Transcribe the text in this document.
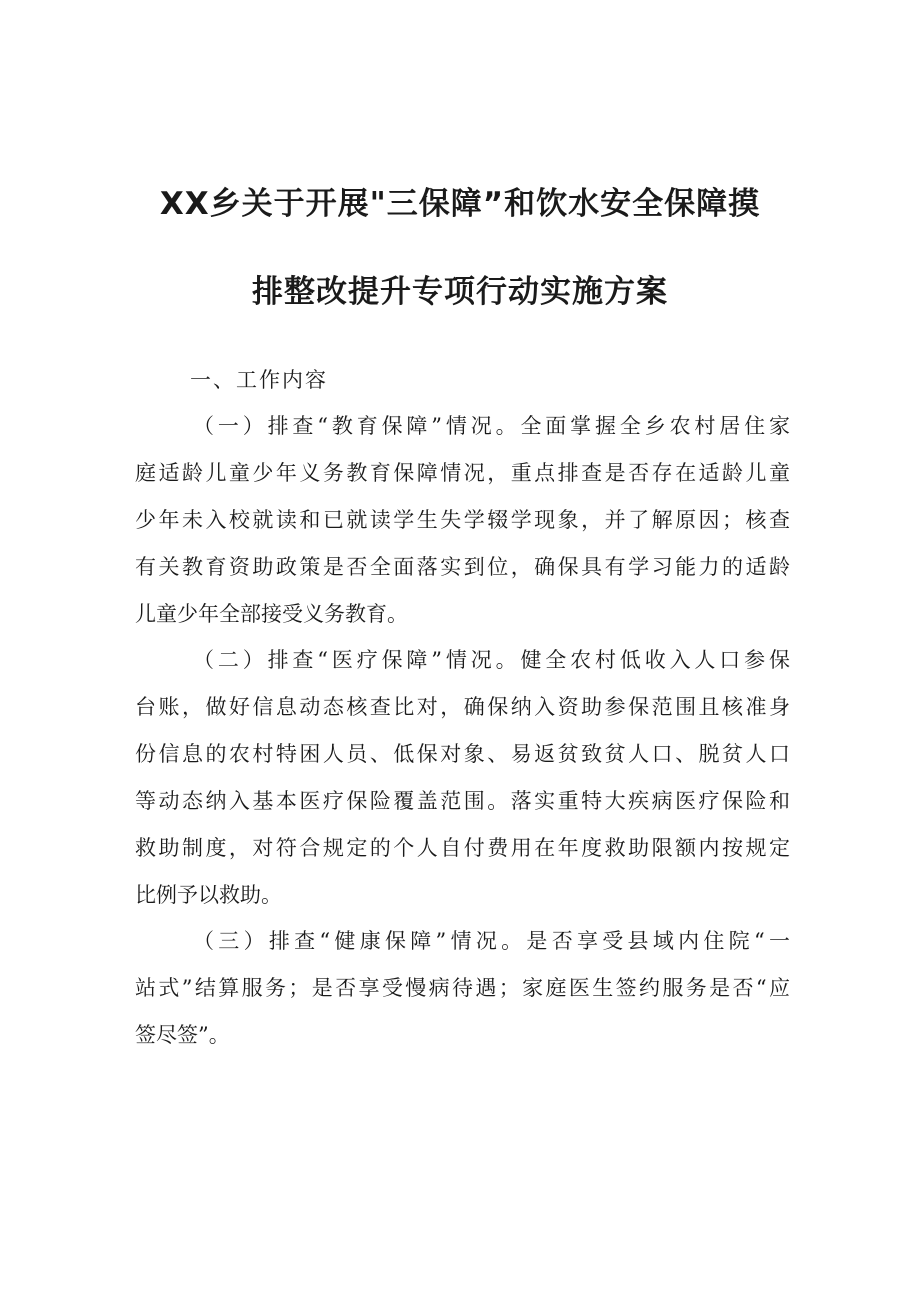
XX乡关于开展"三保障”和饮水安全保障摸
排整改提升专项行动实施方案
一、工作内容
（一）排查“教育保障”情况。全面掌握全乡农村居住家
庭适龄儿童少年义务教育保障情况，重点排查是否存在适龄儿童
少年未入校就读和已就读学生失学辍学现象，并了解原因；核查
有关教育资助政策是否全面落实到位，确保具有学习能力的适龄
儿童少年全部接受义务教育。
（二）排查“医疗保障”情况。健全农村低收入人口参保
台账，做好信息动态核查比对，确保纳入资助参保范围且核准身
份信息的农村特困人员、低保对象、易返贫致贫人口、脱贫人口
等动态纳入基本医疗保险覆盖范围。落实重特大疾病医疗保险和
救助制度，对符合规定的个人自付费用在年度救助限额内按规定
比例予以救助。
（三）排查“健康保障”情况。是否享受县域内住院“一
站式”结算服务；是否享受慢病待遇；家庭医生签约服务是否“应
签尽签”。
